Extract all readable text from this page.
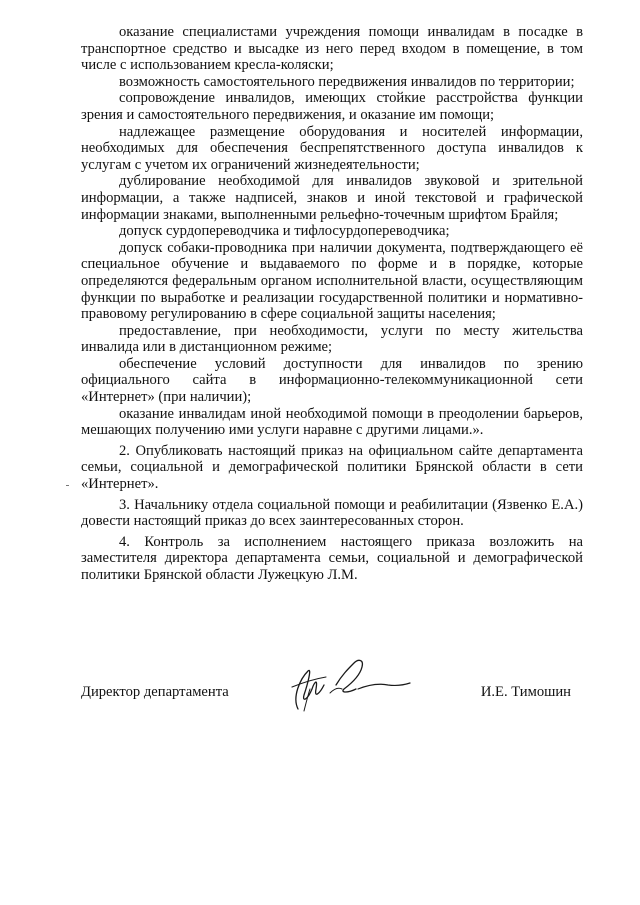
оказание специалистами учреждения помощи инвалидам в посадке в транспортное средство и высадке из него перед входом в помещение, в том числе с использованием кресла-коляски;

возможность самостоятельного передвижения инвалидов по территории;

сопровождение инвалидов, имеющих стойкие расстройства функции зрения и самостоятельного передвижения, и оказание им помощи;

надлежащее размещение оборудования и носителей информации, необходимых для обеспечения беспрепятственного доступа инвалидов к услугам с учетом их ограничений жизнедеятельности;

дублирование необходимой для инвалидов звуковой и зрительной информации, а также надписей, знаков и иной текстовой и графической информации знаками, выполненными рельефно-точечным шрифтом Брайля;

допуск сурдопереводчика и тифлосурдопереводчика;

допуск собаки-проводника при наличии документа, подтверждающего её специальное обучение и выдаваемого по форме и в порядке, которые определяются федеральным органом исполнительной власти, осуществляющим функции по выработке и реализации государственной политики и нормативно-правовому регулированию в сфере социальной защиты населения;

предоставление, при необходимости, услуги по месту жительства инвалида или в дистанционном режиме;

обеспечение условий доступности для инвалидов по зрению официального сайта в информационно-телекоммуникационной сети «Интернет» (при наличии);

оказание инвалидам иной необходимой помощи в преодолении барьеров, мешающих получению ими услуги наравне с другими лицами.».

2. Опубликовать настоящий приказ на официальном сайте департамента семьи, социальной и демографической политики Брянской области в сети «Интернет».

3. Начальнику отдела социальной помощи и реабилитации (Язвенко Е.А.) довести настоящий приказ до всех заинтересованных сторон.

4. Контроль за исполнением настоящего приказа возложить на заместителя директора департамента семьи, социальной и демографической политики Брянской области Лужецкую Л.М.

Директор департамента	И.Е. Тимошин
